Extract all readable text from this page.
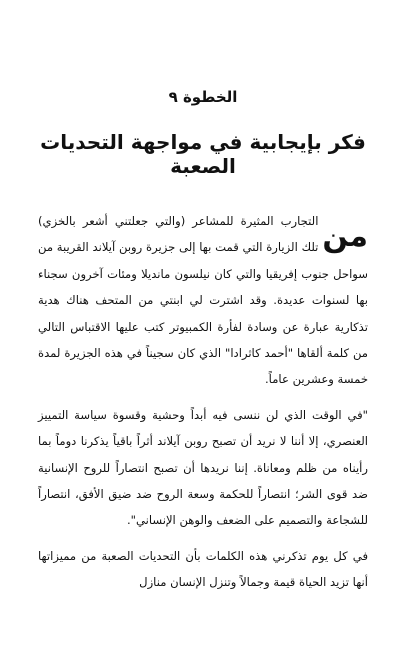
الخطوة ٩
فكر بإيجابية في مواجهة التحديات الصعبة

من
التجارب المثيرة للمشاعر (والتي جعلتني أشعر بالخزي) تلك الزيارة التي قمت بها إلى جزيرة روبن آيلاند القريبة من سواحل جنوب إفريقيا والتي كان نيلسون مانديلا ومئات آخرون سجناء بها لسنوات عديدة. وقد اشترت لي ابنتي من المتحف هناك هدية تذكارية عبارة عن وسادة لفأرة الكمبيوتر كتب عليها الاقتباس التالي من كلمة ألقاها "أحمد كاثرادا" الذي كان سجيناً في هذه الجزيرة لمدة خمسة وعشرين عاماً.

"في الوقت الذي لن ننسى فيه أبداً وحشية وقسوة سياسة التمييز العنصري، إلا أننا لا نريد أن تصبح روبن آيلاند أثراً باقياً يذكرنا دوماً بما رأيناه من ظلم ومعاناة. إننا نريدها أن تصبح انتصاراً للروح الإنسانية ضد قوى الشر؛ انتصاراً للحكمة وسعة الروح ضد ضيق الأفق، انتصاراً للشجاعة والتصميم على الضعف والوهن الإنساني".

في كل يوم تذكرني هذه الكلمات بأن التحديات الصعبة من مميزاتها أنها تزيد الحياة قيمة وجمالاً وتنزل الإنسان منازل
